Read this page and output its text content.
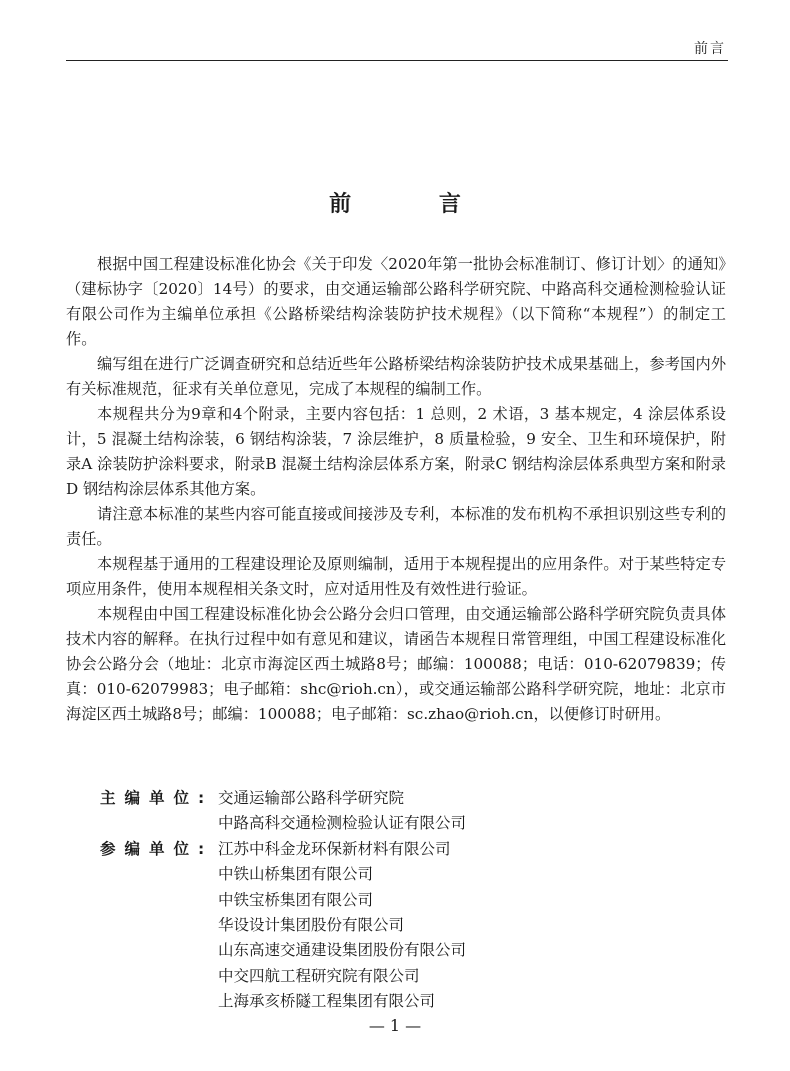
前言
前 言

根据中国工程建设标准化协会《关于印发〈2020年第一批协会标准制订、修订计划〉的通知》（建标协字〔2020〕14号）的要求，由交通运输部公路科学研究院、中路高科交通检测检验认证有限公司作为主编单位承担《公路桥梁结构涂装防护技术规程》（以下简称“本规程”）的制定工作。

编写组在进行广泛调查研究和总结近些年公路桥梁结构涂装防护技术成果基础上，参考国内外有关标准规范，征求有关单位意见，完成了本规程的编制工作。

本规程共分为9章和4个附录，主要内容包括：1 总则，2 术语，3 基本规定，4 涂层体系设计，5 混凝土结构涂装，6 钢结构涂装，7 涂层维护，8 质量检验，9 安全、卫生和环境保护，附录A 涂装防护涂料要求，附录B 混凝土结构涂层体系方案，附录C 钢结构涂层体系典型方案和附录D 钢结构涂层体系其他方案。

请注意本标准的某些内容可能直接或间接涉及专利，本标准的发布机构不承担识别这些专利的责任。

本规程基于通用的工程建设理论及原则编制，适用于本规程提出的应用条件。对于某些特定专项应用条件，使用本规程相关条文时，应对适用性及有效性进行验证。

本规程由中国工程建设标准化协会公路分会归口管理，由交通运输部公路科学研究院负责具体技术内容的解释。在执行过程中如有意见和建议，请函告本规程日常管理组，中国工程建设标准化协会公路分会（地址：北京市海淀区西土城路8号；邮编：100088；电话：010-62079839；传真：010-62079983；电子邮箱：shc@rioh.cn），或交通运输部公路科学研究院，地址：北京市海淀区西土城路8号；邮编：100088；电子邮箱：sc.zhao@rioh.cn，以便修订时研用。

主编单位: 交通运输部公路科学研究院
中路高科交通检测检验认证有限公司
参编单位: 江苏中科金龙环保新材料有限公司
中铁山桥集团有限公司
中铁宝桥集团有限公司
华设设计集团股份有限公司
山东高速交通建设集团股份有限公司
中交四航工程研究院有限公司
上海承亥桥隧工程集团有限公司
— 1 —
